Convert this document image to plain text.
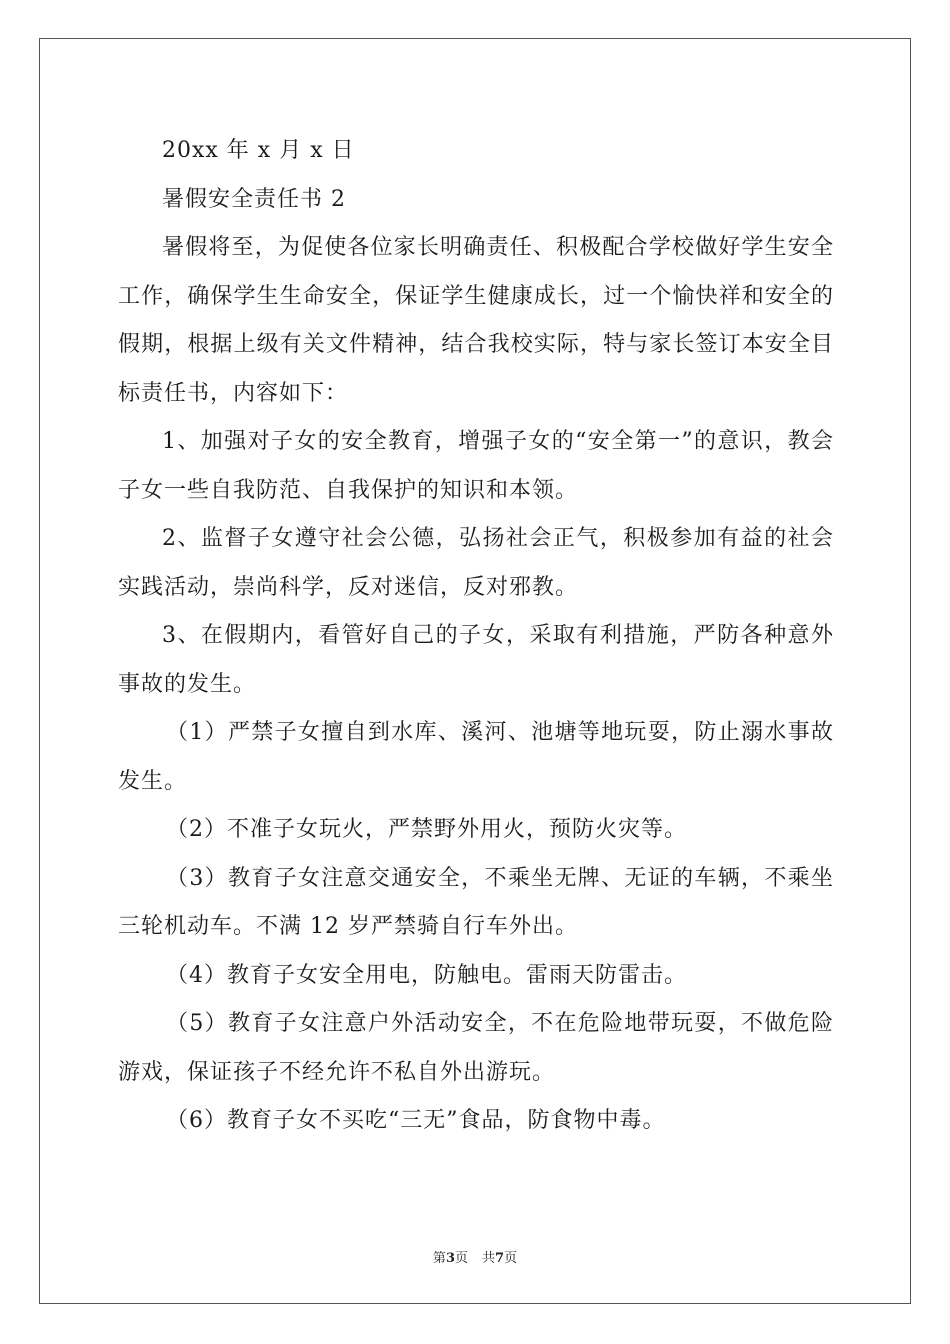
20xx 年 x 月 x 日

暑假安全责任书 2

暑假将至，为促使各位家长明确责任、积极配合学校做好学生安全工作，确保学生生命安全，保证学生健康成长，过一个愉快祥和安全的假期，根据上级有关文件精神，结合我校实际，特与家长签订本安全目标责任书，内容如下：

1、加强对子女的安全教育，增强子女的“安全第一”的意识，教会子女一些自我防范、自我保护的知识和本领。

2、监督子女遵守社会公德，弘扬社会正气，积极参加有益的社会实践活动，崇尚科学，反对迷信，反对邪教。

3、在假期内，看管好自己的子女，采取有利措施，严防各种意外事故的发生。

（1）严禁子女擅自到水库、溪河、池塘等地玩耍，防止溺水事故发生。

（2）不准子女玩火，严禁野外用火，预防火灾等。

（3）教育子女注意交通安全，不乘坐无牌、无证的车辆，不乘坐三轮机动车。不满 12 岁严禁骑自行车外出。

（4）教育子女安全用电，防触电。雷雨天防雷击。

（5）教育子女注意户外活动安全，不在危险地带玩耍，不做危险游戏，保证孩子不经允许不私自外出游玩。

（6）教育子女不买吃“三无”食品，防食物中毒。

第3页 共7页
